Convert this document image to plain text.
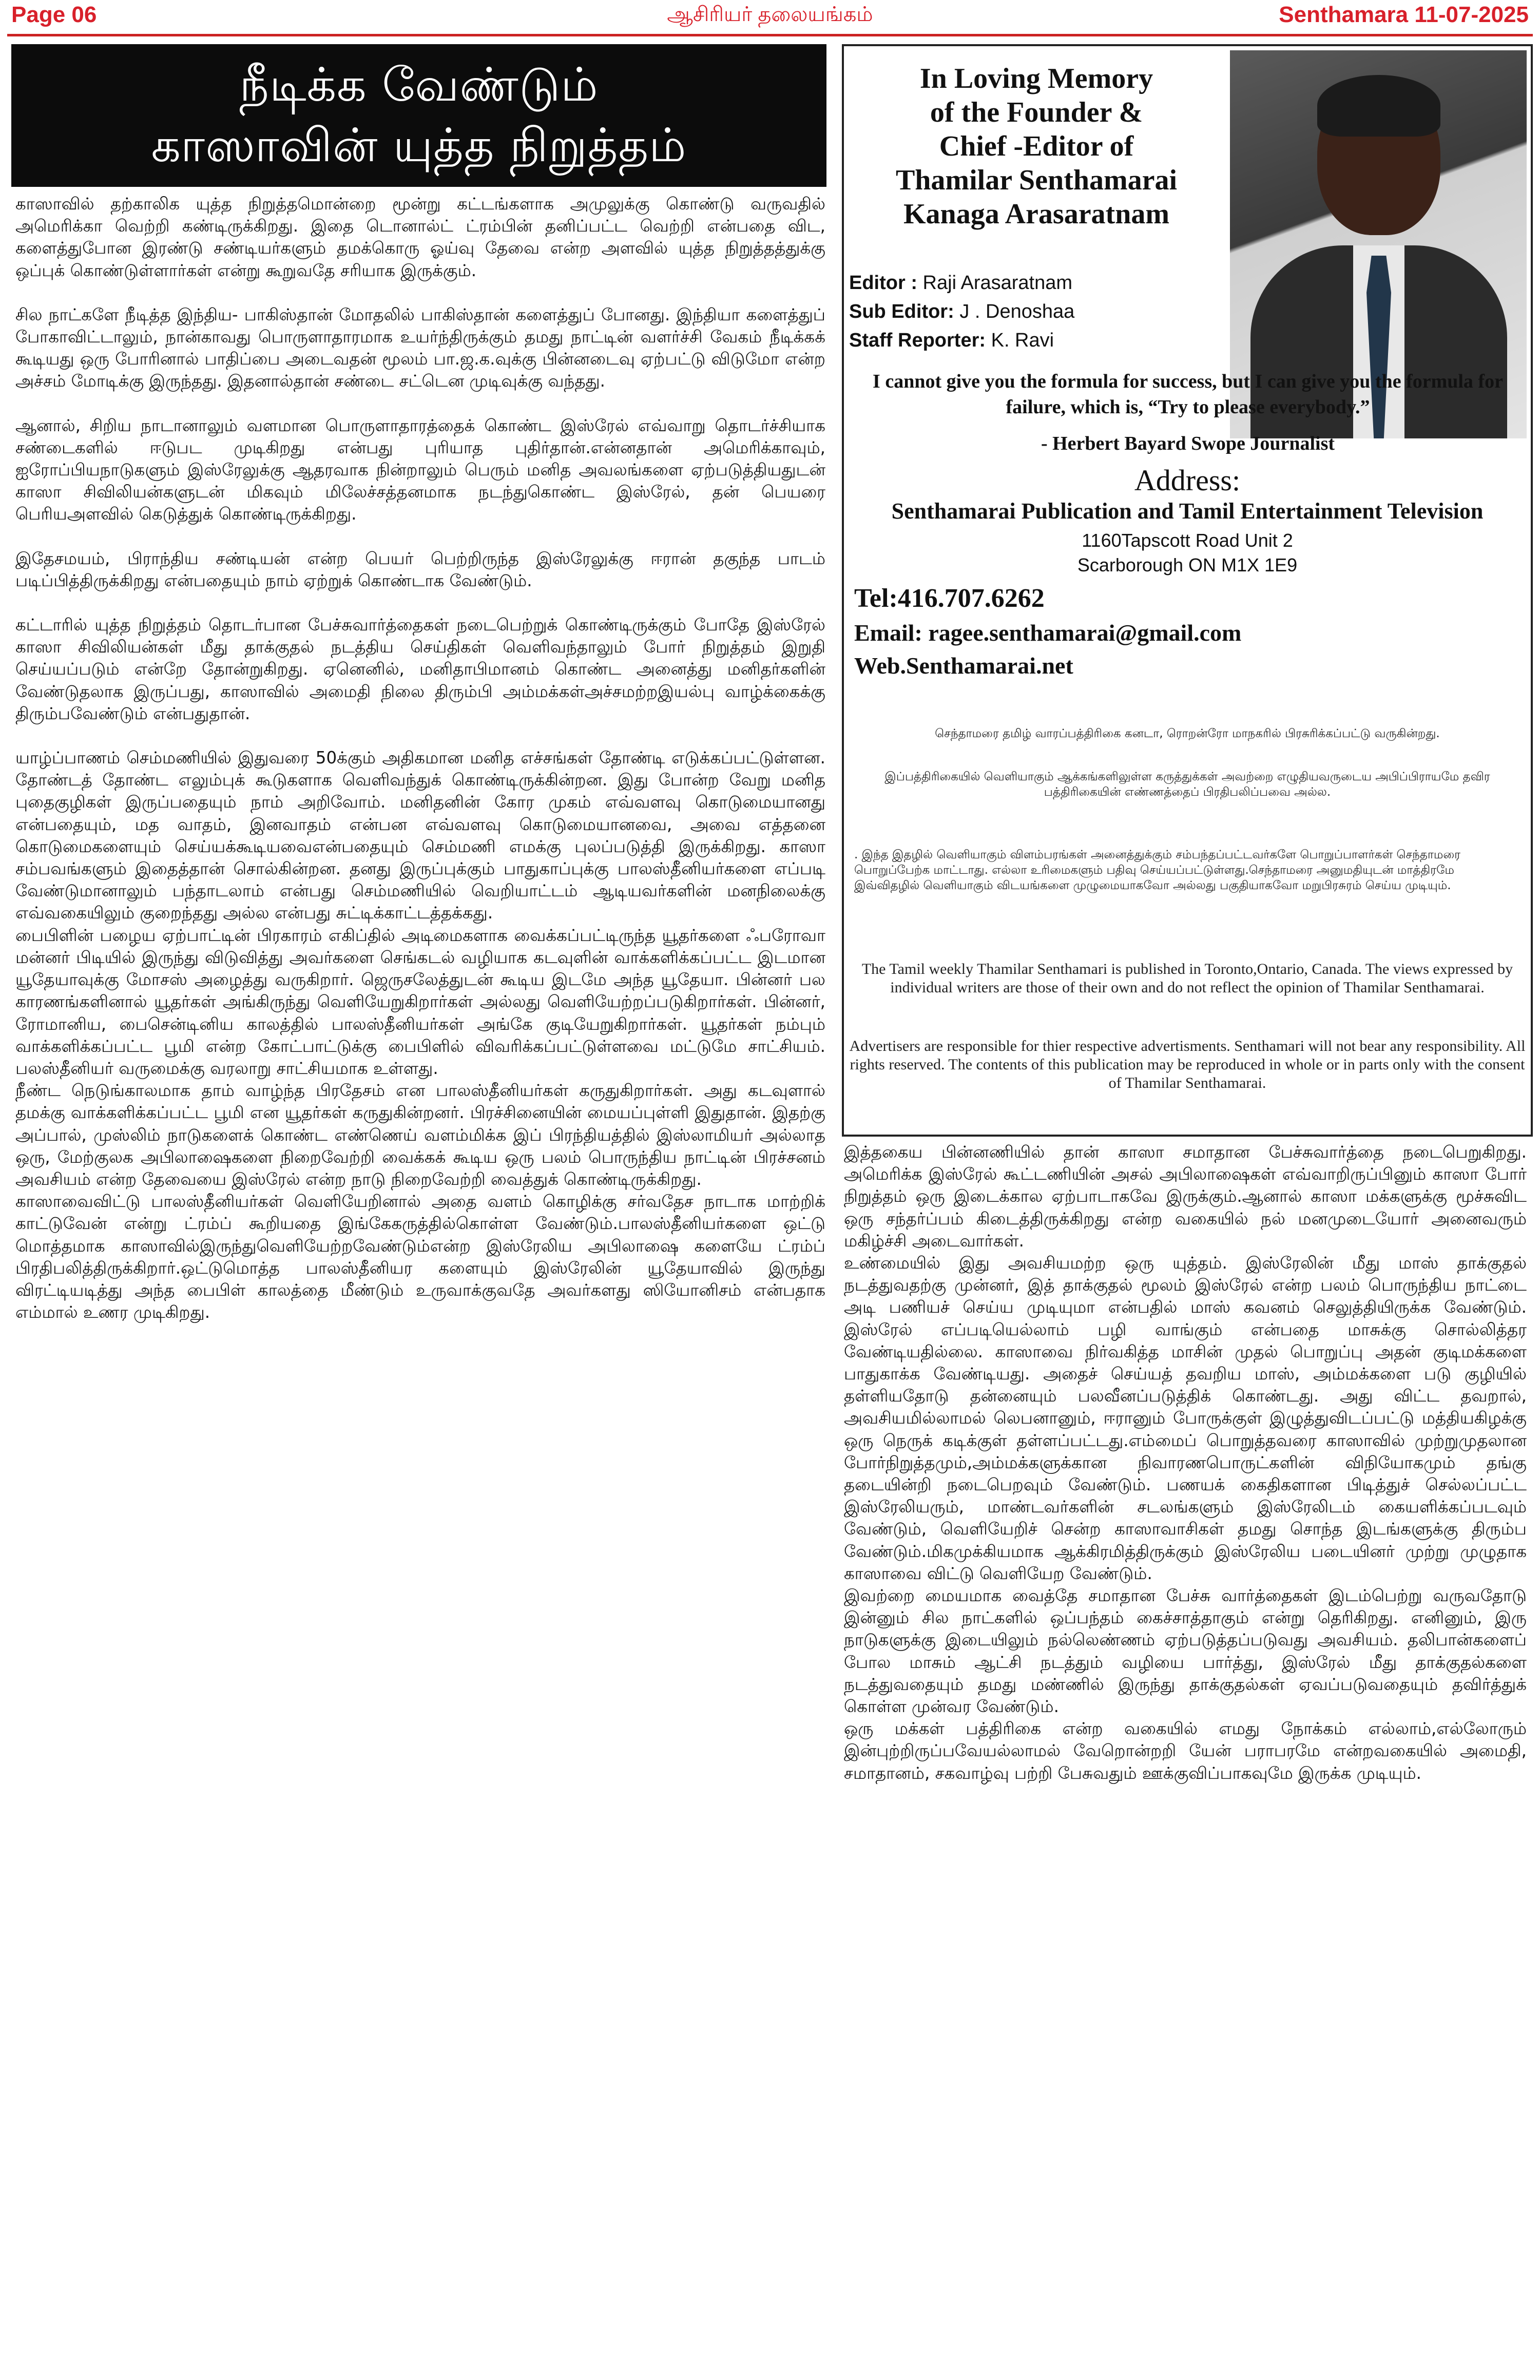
Page 06	ஆசிரியர் தலையங்கம்	Senthamara 11-07-2025
நீடிக்க வேண்டும்
காஸாவின் யுத்த நிறுத்தம்

காஸாவில் தற்காலிக யுத்த நிறுத்தமொன்றை மூன்று கட்டங்களாக அமுலுக்கு கொண்டு வருவதில் அமெரிக்கா வெற்றி கண்டிருக்கிறது. இதை டொனால்ட் ட்ரம்பின் தனிப்பட்ட வெற்றி என்பதை விட, களைத்துபோன இரண்டு சண்டியர்களும் தமக்கொரு ஓய்வு தேவை என்ற அளவில் யுத்த நிறுத்தத்துக்கு ஒப்புக் கொண்டுள்ளார்கள் என்று கூறுவதே சரியாக இருக்கும்.

சில நாட்களே நீடித்த இந்திய- பாகிஸ்தான் மோதலில் பாகிஸ்தான் களைத்துப் போனது. இந்தியா களைத்துப் போகாவிட்டாலும், நான்காவது பொருளாதாரமாக உயர்ந்திருக்கும் தமது நாட்டின் வளர்ச்சி வேகம் நீடிக்கக் கூடியது ஒரு போரினால் பாதிப்பை அடைவதன் மூலம் பா.ஜ.க.வுக்கு பின்னடைவு ஏற்பட்டு விடுமோ என்ற அச்சம் மோடிக்கு இருந்தது. இதனால்தான் சண்டை சட்டென முடிவுக்கு வந்தது.

ஆனால், சிறிய நாடானாலும் வளமான பொருளாதாரத்தைக் கொண்ட இஸ்ரேல் எவ்வாறு தொடர்ச்சியாக சண்டைகளில் ஈடுபட முடிகிறது என்பது புரியாத புதிர்தான்.என்னதான் அமெரிக்காவும், ஐரோப்பியநாடுகளும் இஸ்ரேலுக்கு ஆதரவாக நின்றாலும் பெரும் மனித அவலங்களை ஏற்படுத்தியதுடன் காஸா சிவிலியன்களுடன் மிகவும் மிலேச்சத்தனமாக நடந்துகொண்ட இஸ்ரேல், தன் பெயரை பெரியஅளவில் கெடுத்துக் கொண்டிருக்கிறது.

இதேசமயம், பிராந்திய சண்டியன் என்ற பெயர் பெற்றிருந்த இஸ்ரேலுக்கு ஈரான் தகுந்த பாடம் படிப்பித்திருக்கிறது என்பதையும் நாம் ஏற்றுக் கொண்டாக வேண்டும்.

கட்டாரில் யுத்த நிறுத்தம் தொடர்பான பேச்சுவார்த்தைகள் நடைபெற்றுக் கொண்டிருக்கும் போதே இஸ்ரேல் காஸா சிவிலியன்கள் மீது தாக்குதல் நடத்திய செய்திகள் வெளிவந்தாலும் போர் நிறுத்தம் இறுதி செய்யப்படும் என்றே தோன்றுகிறது. ஏனெனில், மனிதாபிமானம் கொண்ட அனைத்து மனிதர்களின் வேண்டுதலாக இருப்பது, காஸாவில் அமைதி நிலை திரும்பி அம்மக்கள்அச்சமற்றஇயல்பு வாழ்க்கைக்கு திரும்பவேண்டும் என்பதுதான்.

யாழ்ப்பாணம் செம்மணியில் இதுவரை 50க்கும் அதிகமான மனித எச்சங்கள் தோண்டி எடுக்கப்பட்டுள்ளன. தோண்டத் தோண்ட எலும்புக் கூடுகளாக வெளிவந்துக் கொண்டிருக்கின்றன. இது போன்ற வேறு மனித புதைகுழிகள் இருப்பதையும் நாம் அறிவோம். மனிதனின் கோர முகம் எவ்வளவு கொடுமையானது என்பதையும், மத வாதம், இனவாதம் என்பன எவ்வளவு கொடுமையானவை, அவை எத்தனை கொடுமைகளையும் செய்யக்கூடியவைஎன்பதையும் செம்மணி எமக்கு புலப்படுத்தி இருக்கிறது. காஸா சம்பவங்களும் இதைத்தான் சொல்கின்றன. தனது இருப்புக்கும் பாதுகாப்புக்கு பாலஸ்தீனியர்களை எப்படி வேண்டுமானாலும் பந்தாடலாம் என்பது செம்மணியில் வெறியாட்டம் ஆடியவர்களின் மனநிலைக்கு எவ்வகையிலும் குறைந்தது அல்ல என்பது சுட்டிக்காட்டத்தக்கது.

பைபிளின் பழைய ஏற்பாட்டின் பிரகாரம் எகிப்தில் அடிமைகளாக வைக்கப்பட்டிருந்த யூதர்களை ஃபரோவா மன்னர் பிடியில் இருந்து விடுவித்து அவர்களை செங்கடல் வழியாக கடவுளின் வாக்களிக்கப்பட்ட இடமான யூதேயாவுக்கு மோசஸ் அழைத்து வருகிறார். ஜெருசலேத்துடன் கூடிய இடமே அந்த யூதேயா. பின்னர் பல காரணங்களினால் யூதர்கள் அங்கிருந்து வெளியேறுகிறார்கள் அல்லது வெளியேற்றப்படுகிறார்கள். பின்னர், ரோமானிய, பைசென்டினிய காலத்தில் பாலஸ்தீனியர்கள் அங்கே குடியேறுகிறார்கள். யூதர்கள் நம்பும் வாக்களிக்கப்பட்ட பூமி என்ற கோட்பாட்டுக்கு பைபிளில் விவரிக்கப்பட்டுள்ளவை மட்டுமே சாட்சியம். பலஸ்தீனியர் வருமைக்கு வரலாறு சாட்சியமாக உள்ளது.

நீண்ட நெடுங்காலமாக தாம் வாழ்ந்த பிரதேசம் என பாலஸ்தீனியர்கள் கருதுகிறார்கள். அது கடவுளால் தமக்கு வாக்களிக்கப்பட்ட பூமி என யூதர்கள் கருதுகின்றனர். பிரச்சினையின் மையப்புள்ளி இதுதான். இதற்கு அப்பால், முஸ்லிம் நாடுகளைக் கொண்ட எண்ணெய் வளம்மிக்க இப் பிரந்தியத்தில் இஸ்லாமியர் அல்லாத ஒரு, மேற்குலக அபிலாஷைகளை நிறைவேற்றி வைக்கக் கூடிய ஒரு பலம் பொருந்திய நாட்டின் பிரச்சனம் அவசியம் என்ற தேவையை இஸ்ரேல் என்ற நாடு நிறைவேற்றி வைத்துக் கொண்டிருக்கிறது.

காஸாவைவிட்டு பாலஸ்தீனியர்கள் வெளியேறினால் அதை வளம் கொழிக்கு சர்வதேச நாடாக மாற்றிக் காட்டுவேன் என்று ட்ரம்ப் கூறியதை இங்கேகருத்தில்கொள்ள வேண்டும்.பாலஸ்தீனியர்களை ஒட்டு மொத்தமாக காஸாவில்இருந்துவெளியேற்றவேண்டும்என்ற இஸ்ரேலிய அபிலாஷை களையே ட்ரம்ப் பிரதிபலித்திருக்கிறார்.ஒட்டுமொத்த பாலஸ்தீனியர களையும் இஸ்ரேலின் யூதேயாவில் இருந்து விரட்டியடித்து அந்த பைபிள் காலத்தை மீண்டும் உருவாக்குவதே அவர்களது ஸியோனிசம் என்பதாக எம்மால் உணர முடிகிறது.

In Loving Memory
of the Founder &
Chief -Editor of
Thamilar Senthamarai
Kanaga Arasaratnam
Editor : Raji Arasaratnam
Sub Editor: J . Denoshaa
Staff Reporter: K. Ravi
I cannot give you the formula for success, but I can give you the formula for failure, which is, “Try to please everybody.”
- Herbert Bayard Swope Journalist
Address:
Senthamarai Publication and Tamil Entertainment Television
1160Tapscott Road Unit 2
Scarborough ON M1X 1E9
Tel:416.707.6262
Email: ragee.senthamarai@gmail.com
Web.Senthamarai.net
செந்தாமரை தமிழ் வாரப்பத்திரிகை கனடா, ரொறன்ரோ மாநகரில் பிரசுரிக்கப்பட்டு வருகின்றது.
இப்பத்திரிகையில் வெளியாகும் ஆக்கங்களிலுள்ள கருத்துக்கள் அவற்றை எழுதியவருடைய அபிப்பிராயமே தவிர பத்திரிகையின் எண்ணத்தைப் பிரதிபலிப்பவை அல்ல.
. இந்த இதழில் வெளியாகும் விளம்பரங்கள் அனைத்துக்கும் சம்பந்தப்பட்டவர்களே பொறுப்பாளர்கள் செந்தாமரை பொறுப்பேற்க மாட்டாது. எல்லா உரிமைகளும் பதிவு செய்யப்பட்டுள்ளது.செந்தாமரை அனுமதியுடன் மாத்திரமே இவ்விதழில் வெளியாகும் விடயங்களை முழுமையாகவோ அல்லது பகுதியாகவோ மறுபிரசுரம் செய்ய முடியும்.
The Tamil weekly Thamilar Senthamari is published in Toronto,Ontario, Canada. The views expressed by individual writers are those of their own and do not reflect the opinion of Thamilar Senthamarai.
Advertisers are responsible for thier respective advertisments. Senthamari will not bear any responsibility. All rights reserved. The contents of this publication may be reproduced in whole or in parts only with the consent of Thamilar Senthamarai.

இத்தகைய பின்னணியில் தான் காஸா சமாதான பேச்சுவார்த்தை நடைபெறுகிறது. அமெரிக்க இஸ்ரேல் கூட்டணியின் அசல் அபிலாஷைகள் எவ்வாறிருப்பினும் காஸா போர் நிறுத்தம் ஒரு இடைக்கால ஏற்பாடாகவே இருக்கும்.ஆனால் காஸா மக்களுக்கு மூச்சுவிட ஒரு சந்தர்ப்பம் கிடைத்திருக்கிறது என்ற வகையில் நல் மனமுடையோர் அனைவரும் மகிழ்ச்சி அடைவார்கள்.

உண்மையில் இது அவசியமற்ற ஒரு யுத்தம். இஸ்ரேலின் மீது மாஸ் தாக்குதல் நடத்துவதற்கு முன்னர், இத் தாக்குதல் மூலம் இஸ்ரேல் என்ற பலம் பொருந்திய நாட்டை அடி பணியச் செய்ய முடியுமா என்பதில் மாஸ் கவனம் செலுத்தியிருக்க வேண்டும். இஸ்ரேல் எப்படியெல்லாம் பழி வாங்கும் என்பதை மாசுக்கு சொல்லித்தர வேண்டியதில்லை. காஸாவை நிர்வகித்த மாசின் முதல் பொறுப்பு அதன் குடிமக்களை பாதுகாக்க வேண்டியது. அதைச் செய்யத் தவறிய மாஸ், அம்மக்களை படு குழியில் தள்ளியதோடு தன்னையும் பலவீனப்படுத்திக் கொண்டது. அது விட்ட தவறால், அவசியமில்லாமல் லெபனானும், ஈரானும் போருக்குள் இழுத்துவிடப்பட்டு மத்தியகிழக்கு ஒரு நெருக் கடிக்குள் தள்ளப்பட்டது.எம்மைப் பொறுத்தவரை காஸாவில் முற்றுமுதலான போர்நிறுத்தமும்,அம்மக்களுக்கான நிவாரணபொருட்களின் விநியோகமும் தங்கு தடையின்றி நடைபெறவும் வேண்டும். பணயக் கைதிகளான பிடித்துச் செல்லப்பட்ட இஸ்ரேலியரும், மாண்டவர்களின் சடலங்களும் இஸ்ரேலிடம் கையளிக்கப்படவும் வேண்டும், வெளியேறிச் சென்ற காஸாவாசிகள் தமது சொந்த இடங்களுக்கு திரும்ப வேண்டும்.மிகமுக்கியமாக ஆக்கிரமித்திருக்கும் இஸ்ரேலிய படையினர் முற்று முழுதாக காஸாவை விட்டு வெளியேற வேண்டும்.

இவற்றை மையமாக வைத்தே சமாதான பேச்சு வார்த்தைகள் இடம்பெற்று வருவதோடு இன்னும் சில நாட்களில் ஒப்பந்தம் கைச்சாத்தாகும் என்று தெரிகிறது. எனினும், இரு நாடுகளுக்கு இடையிலும் நல்லெண்ணம் ஏற்படுத்தப்படுவது அவசியம். தலிபான்களைப் போல மாசும் ஆட்சி நடத்தும் வழியை பார்த்து, இஸ்ரேல் மீது தாக்குதல்களை நடத்துவதையும் தமது மண்ணில் இருந்து தாக்குதல்கள் ஏவப்படுவதையும் தவிர்த்துக் கொள்ள முன்வர வேண்டும்.

ஒரு மக்கள் பத்திரிகை என்ற வகையில் எமது நோக்கம் எல்லாம்,எல்லோரும் இன்புற்றிருப்பவேயல்லாமல் வேறொன்றறி யேன் பராபரமே என்றவகையில் அமைதி, சமாதானம், சகவாழ்வு பற்றி பேசுவதும் ஊக்குவிப்பாகவுமே இருக்க முடியும்.
